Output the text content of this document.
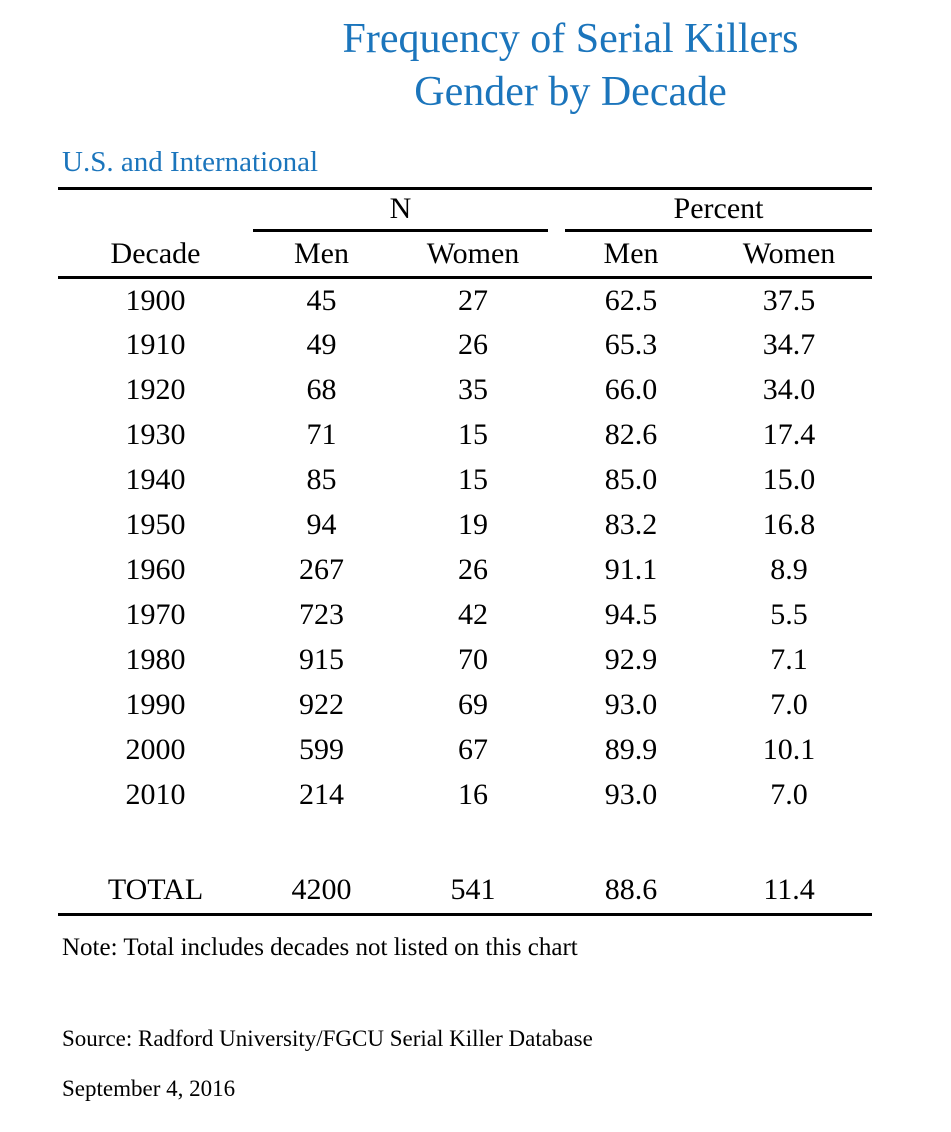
Frequency of Serial Killers
Gender by Decade
U.S. and International

	N		Percent	

Decade	Men	Women	Men	Women
1900	45	27	62.5	37.5
1910	49	26	65.3	34.7
1920	68	35	66.0	34.0
1930	71	15	82.6	17.4
1940	85	15	85.0	15.0
1950	94	19	83.2	16.8
1960	267	26	91.1	8.9
1970	723	42	94.5	5.5
1980	915	70	92.9	7.1
1990	922	69	93.0	7.0
2000	599	67	89.9	10.1
2010	214	16	93.0	7.0

TOTAL	4200	541	88.6	11.4
Note: Total includes decades not listed on this chart
Source: Radford University/FGCU Serial Killer Database
September 4, 2016
